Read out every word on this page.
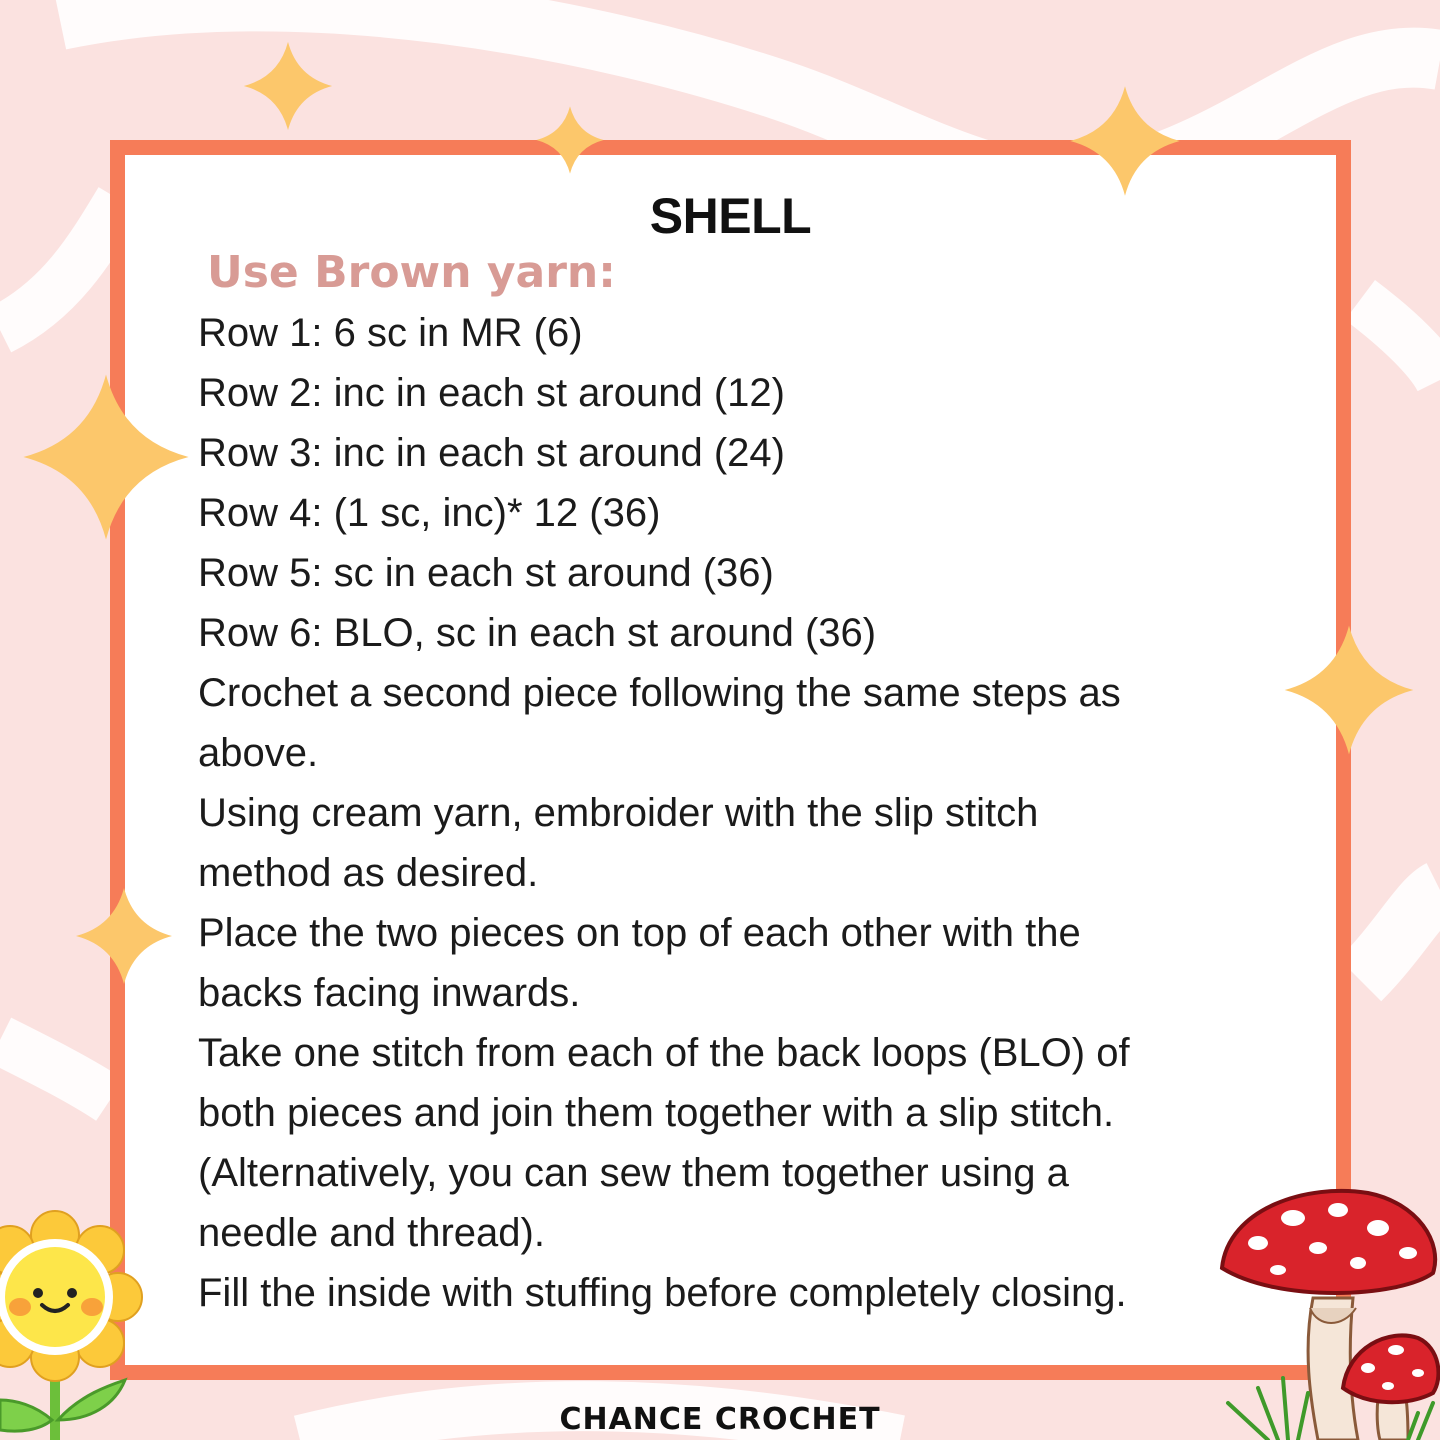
SHELL
Use Brown yarn:
Row 1: 6 sc in MR (6)
Row 2: inc in each st around (12)
Row 3: inc in each st around (24)
Row 4: (1 sc, inc)* 12 (36)
Row 5: sc in each st around (36)
Row 6: BLO, sc in each st around (36)
Crochet a second piece following the same steps as
above.
Using cream yarn, embroider with the slip stitch
method as desired.
Place the two pieces on top of each other with the
backs facing inwards.
Take one stitch from each of the back loops (BLO) of
both pieces and join them together with a slip stitch.
(Alternatively, you can sew them together using a
needle and thread).
Fill the inside with stuffing before completely closing.
CHANCE CROCHET
